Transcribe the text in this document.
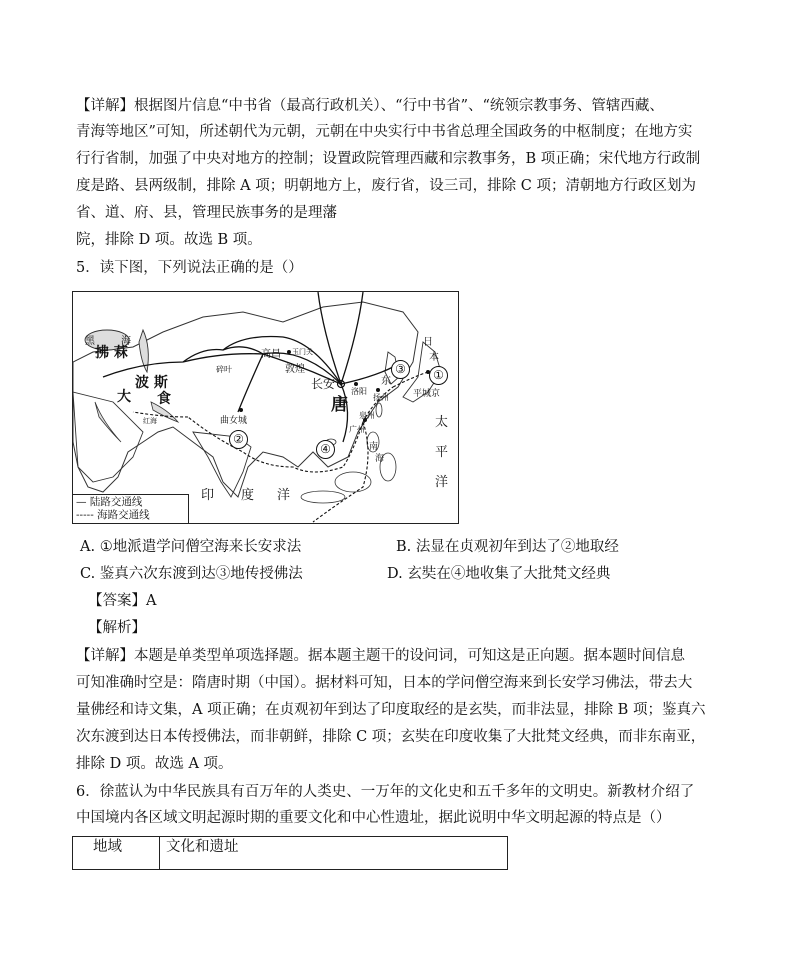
【详解】根据图片信息“中书省（最高行政机关）、“行中书省”、“统领宗教事务、管辖西藏、
青海等地区”可知，所述朝代为元朝，元朝在中央实行中书省总理全国政务的中枢制度；在地方实
行行省制，加强了中央对地方的控制；设置政院管理西藏和宗教事务，B 项正确；宋代地方行政制
度是路、县两级制，排除 A 项；明朝地方上，废行省，设三司，排除 C 项；清朝地方行政区划为
省、道、府、县，管理民族事务的是理藩
院，排除 D 项。故选 B 项。
5．读下图，下列说法正确的是（）
拂 菻
黑	海
波 斯
大 食
高昌 玉门关
碎叶	敦煌
长安
唐
洛阳
扬州
泉州
广州
曲女城
平城京
日
本
东
太
平
洋
印 度 洋
红海
南
海
①
②
③
④
— 陆路交通线
----- 海路交通线
A. ①地派遣学问僧空海来长安求法	B. 法显在贞观初年到达了②地取经
C. 鉴真六次东渡到达③地传授佛法	D. 玄奘在④地收集了大批梵文经典
【答案】A
【解析】
【详解】本题是单类型单项选择题。据本题主题干的设问词，可知这是正向题。据本题时间信息
可知准确时空是：隋唐时期（中国）。据材料可知，日本的学问僧空海来到长安学习佛法，带去大
量佛经和诗文集，A 项正确；在贞观初年到达了印度取经的是玄奘，而非法显，排除 B 项；鉴真六
次东渡到达日本传授佛法，而非朝鲜，排除 C 项；玄奘在印度收集了大批梵文经典，而非东南亚，
排除 D 项。故选 A 项。
6．徐蓝认为中华民族具有百万年的人类史、一万年的文化史和五千多年的文明史。新教材介绍了
中国境内各区域文明起源时期的重要文化和中心性遗址，据此说明中华文明起源的特点是（）
地域	文化和遗址
